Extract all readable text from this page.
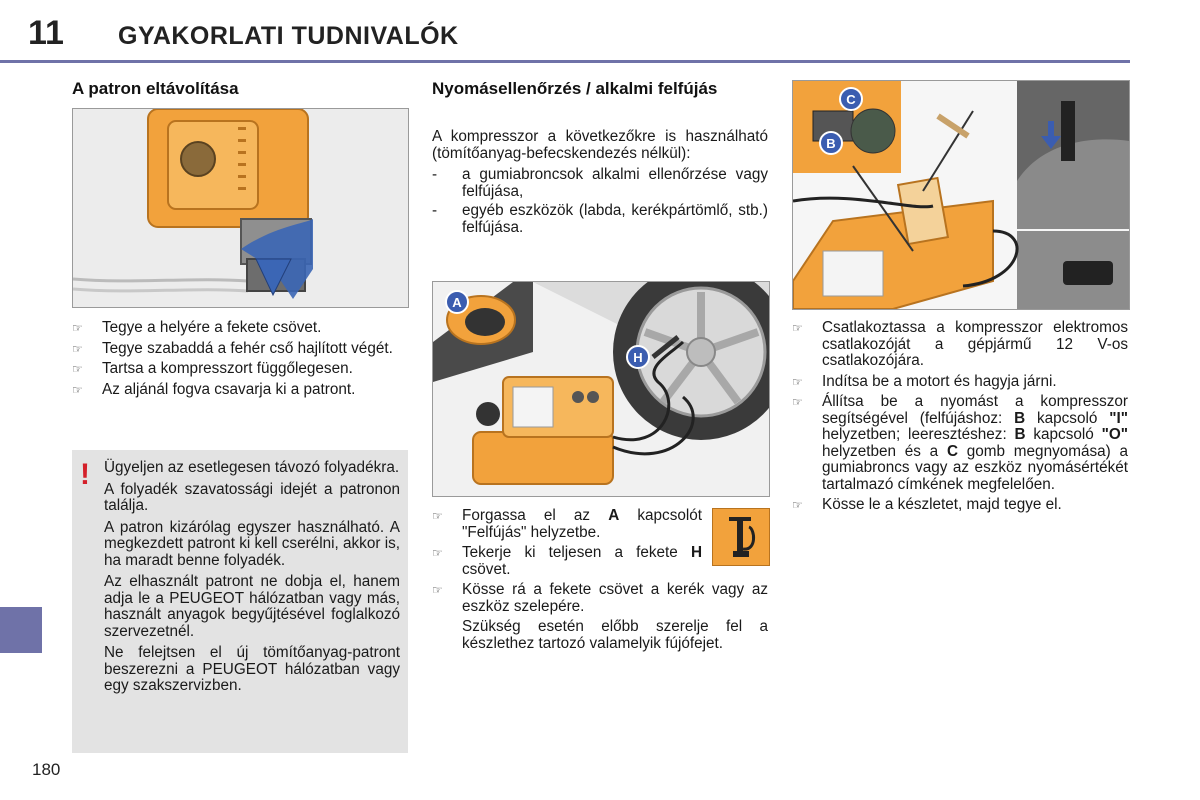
11 GYAKORLATI TUDNIVALÓK
180
A patron eltávolítása
☞ Tegye a helyére a fekete csövet.
☞ Tegye szabaddá a fehér cső hajlított végét.
☞ Tartsa a kompresszort függőlegesen.
☞ Az aljánál fogva csavarja ki a patront.
! Ügyeljen az esetlegesen távozó folyadékra.

A folyadék szavatossági idejét a patronon találja.

A patron kizárólag egyszer használható. A megkezdett patront ki kell cserélni, akkor is, ha maradt benne folyadék.

Az elhasznált patront ne dobja el, hanem adja le a PEUGEOT hálózatban vagy más, használt anyagok begyűjtésével foglalkozó szervezetnél.

Ne felejtsen el új tömítőanyag-patront beszerezni a PEUGEOT hálózatban vagy egy szakszervizben.

Nyomásellenőrzés / alkalmi felfújás

A kompresszor a következőkre is használható (tömítőanyag-befecskendezés nélkül):

- a gumiabroncsok alkalmi ellenőrzése vagy felfújása,
- egyéb eszközök (labda, kerékpártömlő, stb.) felfújása.
A
H
☞ Forgassa el az A kapcsolót "Felfújás" helyzetbe.
☞ Tekerje ki teljesen a fekete H csövet.
☞ Kösse rá a fekete csövet a kerék vagy az eszköz szelepére.

Szükség esetén előbb szerelje fel a készlethez tartozó valamelyik fújófejet.

C
B
☞ Csatlakoztassa a kompresszor elektromos csatlakozóját a gépjármű 12 V-os csatlakozójára.
☞ Indítsa be a motort és hagyja járni.
☞ Állítsa be a nyomást a kompresszor segítségével (felfújáshoz: B kapcsoló "I" helyzetben; leeresztéshez: B kapcsoló "O" helyzetben és a C gomb megnyomása) a gumiabroncs vagy az eszköz nyomásértékét tartalmazó címkének megfelelően.
☞ Kösse le a készletet, majd tegye el.
